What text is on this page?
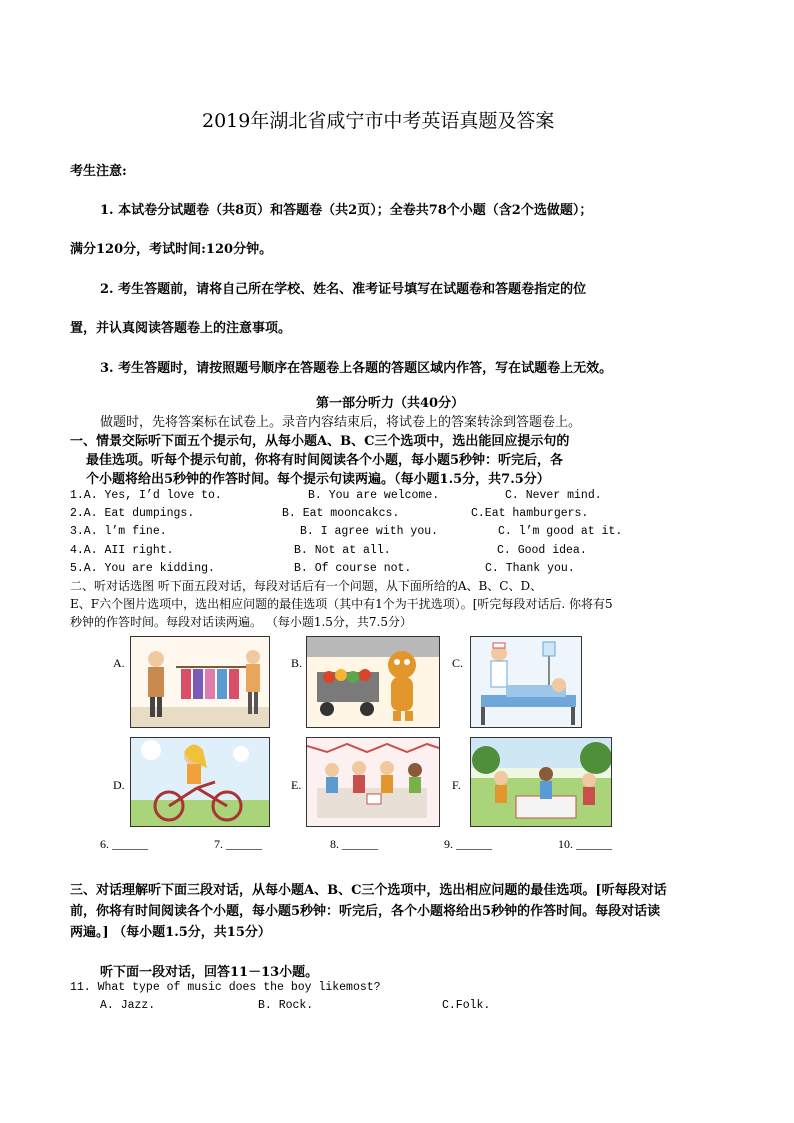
2019年湖北省咸宁市中考英语真题及答案
考生注意:
1. 本试卷分试题卷（共8页）和答题卷（共2页）；全卷共78个小题（含2个选做题）；
满分120分，考试时间:120分钟。
2. 考生答题前，请将自己所在学校、姓名、准考证号填写在试题卷和答题卷指定的位
置，并认真阅读答题卷上的注意事项。
3. 考生答题时，请按照题号顺序在答题卷上各题的答题区域内作答，写在试题卷上无效。
第一部分听力（共40分）
做题时，先将答案标在试卷上。录音内容结束后，将试卷上的答案转涂到答题卷上。
一、情景交际听下面五个提示句，从每小题A、B、C三个选项中，选出能回应提示句的
最佳选项。听每个提示句前，你将有时间阅读各个小题，每小题5秒钟：听完后，各
个小题将给出5秒钟的作答时间。每个提示句读两遍。（每小题1.5分，共7.5分）
1.A. Yes, I’d love to.	B. You are welcome.	C. Never mind.
2.A. Eat dumpings.	B. Eat mooncakcs.	C.Eat hamburgers.
3.A. l’m fine.	B. I agree with you.	C. l’m good at it.
4.A. AII right.	B. Not at all.	C. Good idea.
5.A. You are kidding.	B. Of course not.	C. Thank you.
二、听对话选图 听下面五段对话，每段对话后有一个问题，从下面所给的A、B、C、D、
E、F六个图片选项中，选出相应问题的最佳选项（其中有1个为干扰选项）。[听完每段对话后. 你将有5
秒钟的作答时间。每段对话读两遍。 （每小题1.5分，共7.5分）
A.	B.	C.
D.	E.	F.
6. ______	7. ______	8. ______	9. ______	10. ______
三、对话理解听下面三段对话，从每小题A、B、C三个选项中，选出相应问题的最佳选项。[听每段对话
前，你将有时间阅读各个小题，每小题5秒钟：听完后，各个小题将给出5秒钟的作答时间。每段对话读
两遍。] （每小题1.5分，共15分）
听下面一段对话，回答11－13小题。
11. What type of music does the boy likemost?
A. Jazz.	B. Rock.	C.Folk.
